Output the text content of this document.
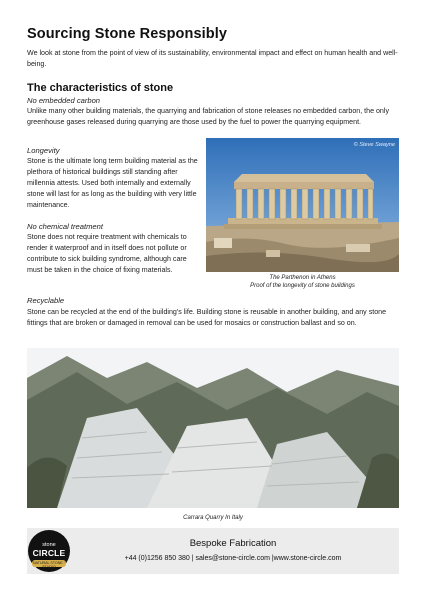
Sourcing Stone Responsibly
We look at stone from the point of view of its sustainability, environmental impact and effect on human health and well-being.
The characteristics of stone
No embedded carbon
Unlike many other building materials, the quarrying and fabrication of stone releases no embedded carbon, the only greenhouse gases released during quarrying are those used by the fuel to power the quarrying equipment.
Longevity
Stone is the ultimate long term building material as the plethora of historical buildings still standing after millennia attests. Used both internally and externally stone will last for as long as the building with very little maintenance.
No chemical treatment
Stone does not require treatment with chemicals to render it waterproof and in itself does not pollute or contribute to sick building syndrome, although care must be taken in the choice of fixing materials.
Recyclable
Stone can be recycled at the end of the building's life. Building stone is reusable in another building, and any stone fittings that are broken or damaged in removal can be used for mosaics or construction ballast and so on.
© Steve Swayne
The Parthenon in Athens
Proof of the longevity of stone buildings
Carrara Quarry In Italy
stone
CIRCLE
NATURAL STONE · STUDIO
Bespoke Fabrication
+44 (0)1256 850 380 | sales@stone-circle.com |www.stone-circle.com
